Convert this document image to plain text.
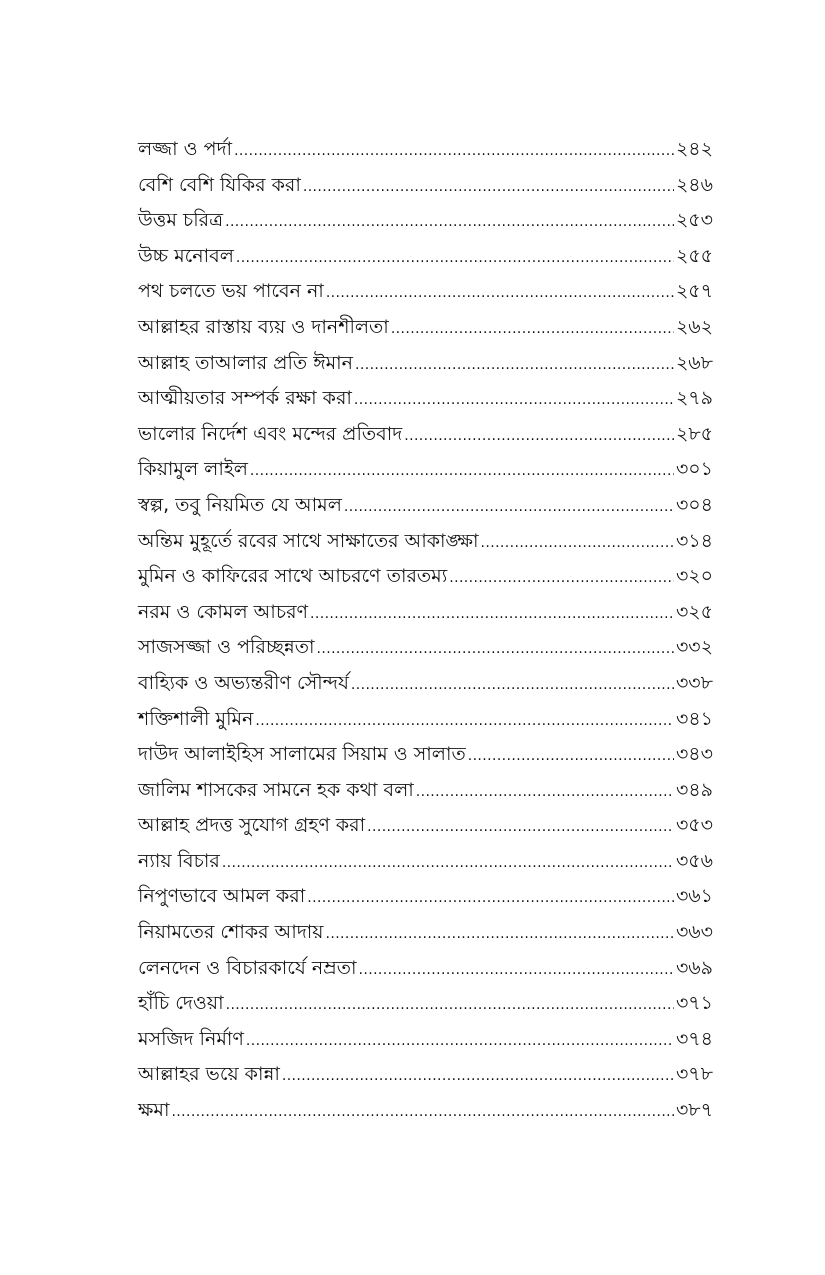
লজ্জা ও পর্দা .....	২৪২
বেশি বেশি যিকির করা .....	২৪৬
উত্তম চরিত্র .....	২৫৩
উচ্চ মনোবল .....	২৫৫
পথ চলতে ভয় পাবেন না .....	২৫৭
আল্লাহর রাস্তায় ব্যয় ও দানশীলতা .....	২৬২
আল্লাহ তাআলার প্রতি ঈমান .....	২৬৮
আত্মীয়তার সম্পর্ক রক্ষা করা .....	২৭৯
ভালোর নির্দেশ এবং মন্দের প্রতিবাদ .....	২৮৫
কিয়ামুল লাইল .....	৩০১
স্বল্প, তবু নিয়মিত যে আমল .....	৩০৪
অন্তিম মুহূর্তে রবের সাথে সাক্ষাতের আকাঙ্ক্ষা .....	৩১৪
মুমিন ও কাফিরের সাথে আচরণে তারতম্য .....	৩২০
নরম ও কোমল আচরণ .....	৩২৫
সাজসজ্জা ও পরিচ্ছন্নতা .....	৩৩২
বাহ্যিক ও অভ্যন্তরীণ সৌন্দর্য .....	৩৩৮
শক্তিশালী মুমিন .....	৩৪১
দাউদ আলাইহিস সালামের সিয়াম ও সালাত .....	৩৪৩
জালিম শাসকের সামনে হক কথা বলা .....	৩৪৯
আল্লাহ প্রদত্ত সুযোগ গ্রহণ করা .....	৩৫৩
ন্যায় বিচার .....	৩৫৬
নিপুণভাবে আমল করা .....	৩৬১
নিয়ামতের শোকর আদায় .....	৩৬৩
লেনদেন ও বিচারকার্যে নম্রতা .....	৩৬৯
হাঁচি দেওয়া .....	৩৭১
মসজিদ নির্মাণ .....	৩৭৪
আল্লাহর ভয়ে কান্না .....	৩৭৮
ক্ষমা .....	৩৮৭
